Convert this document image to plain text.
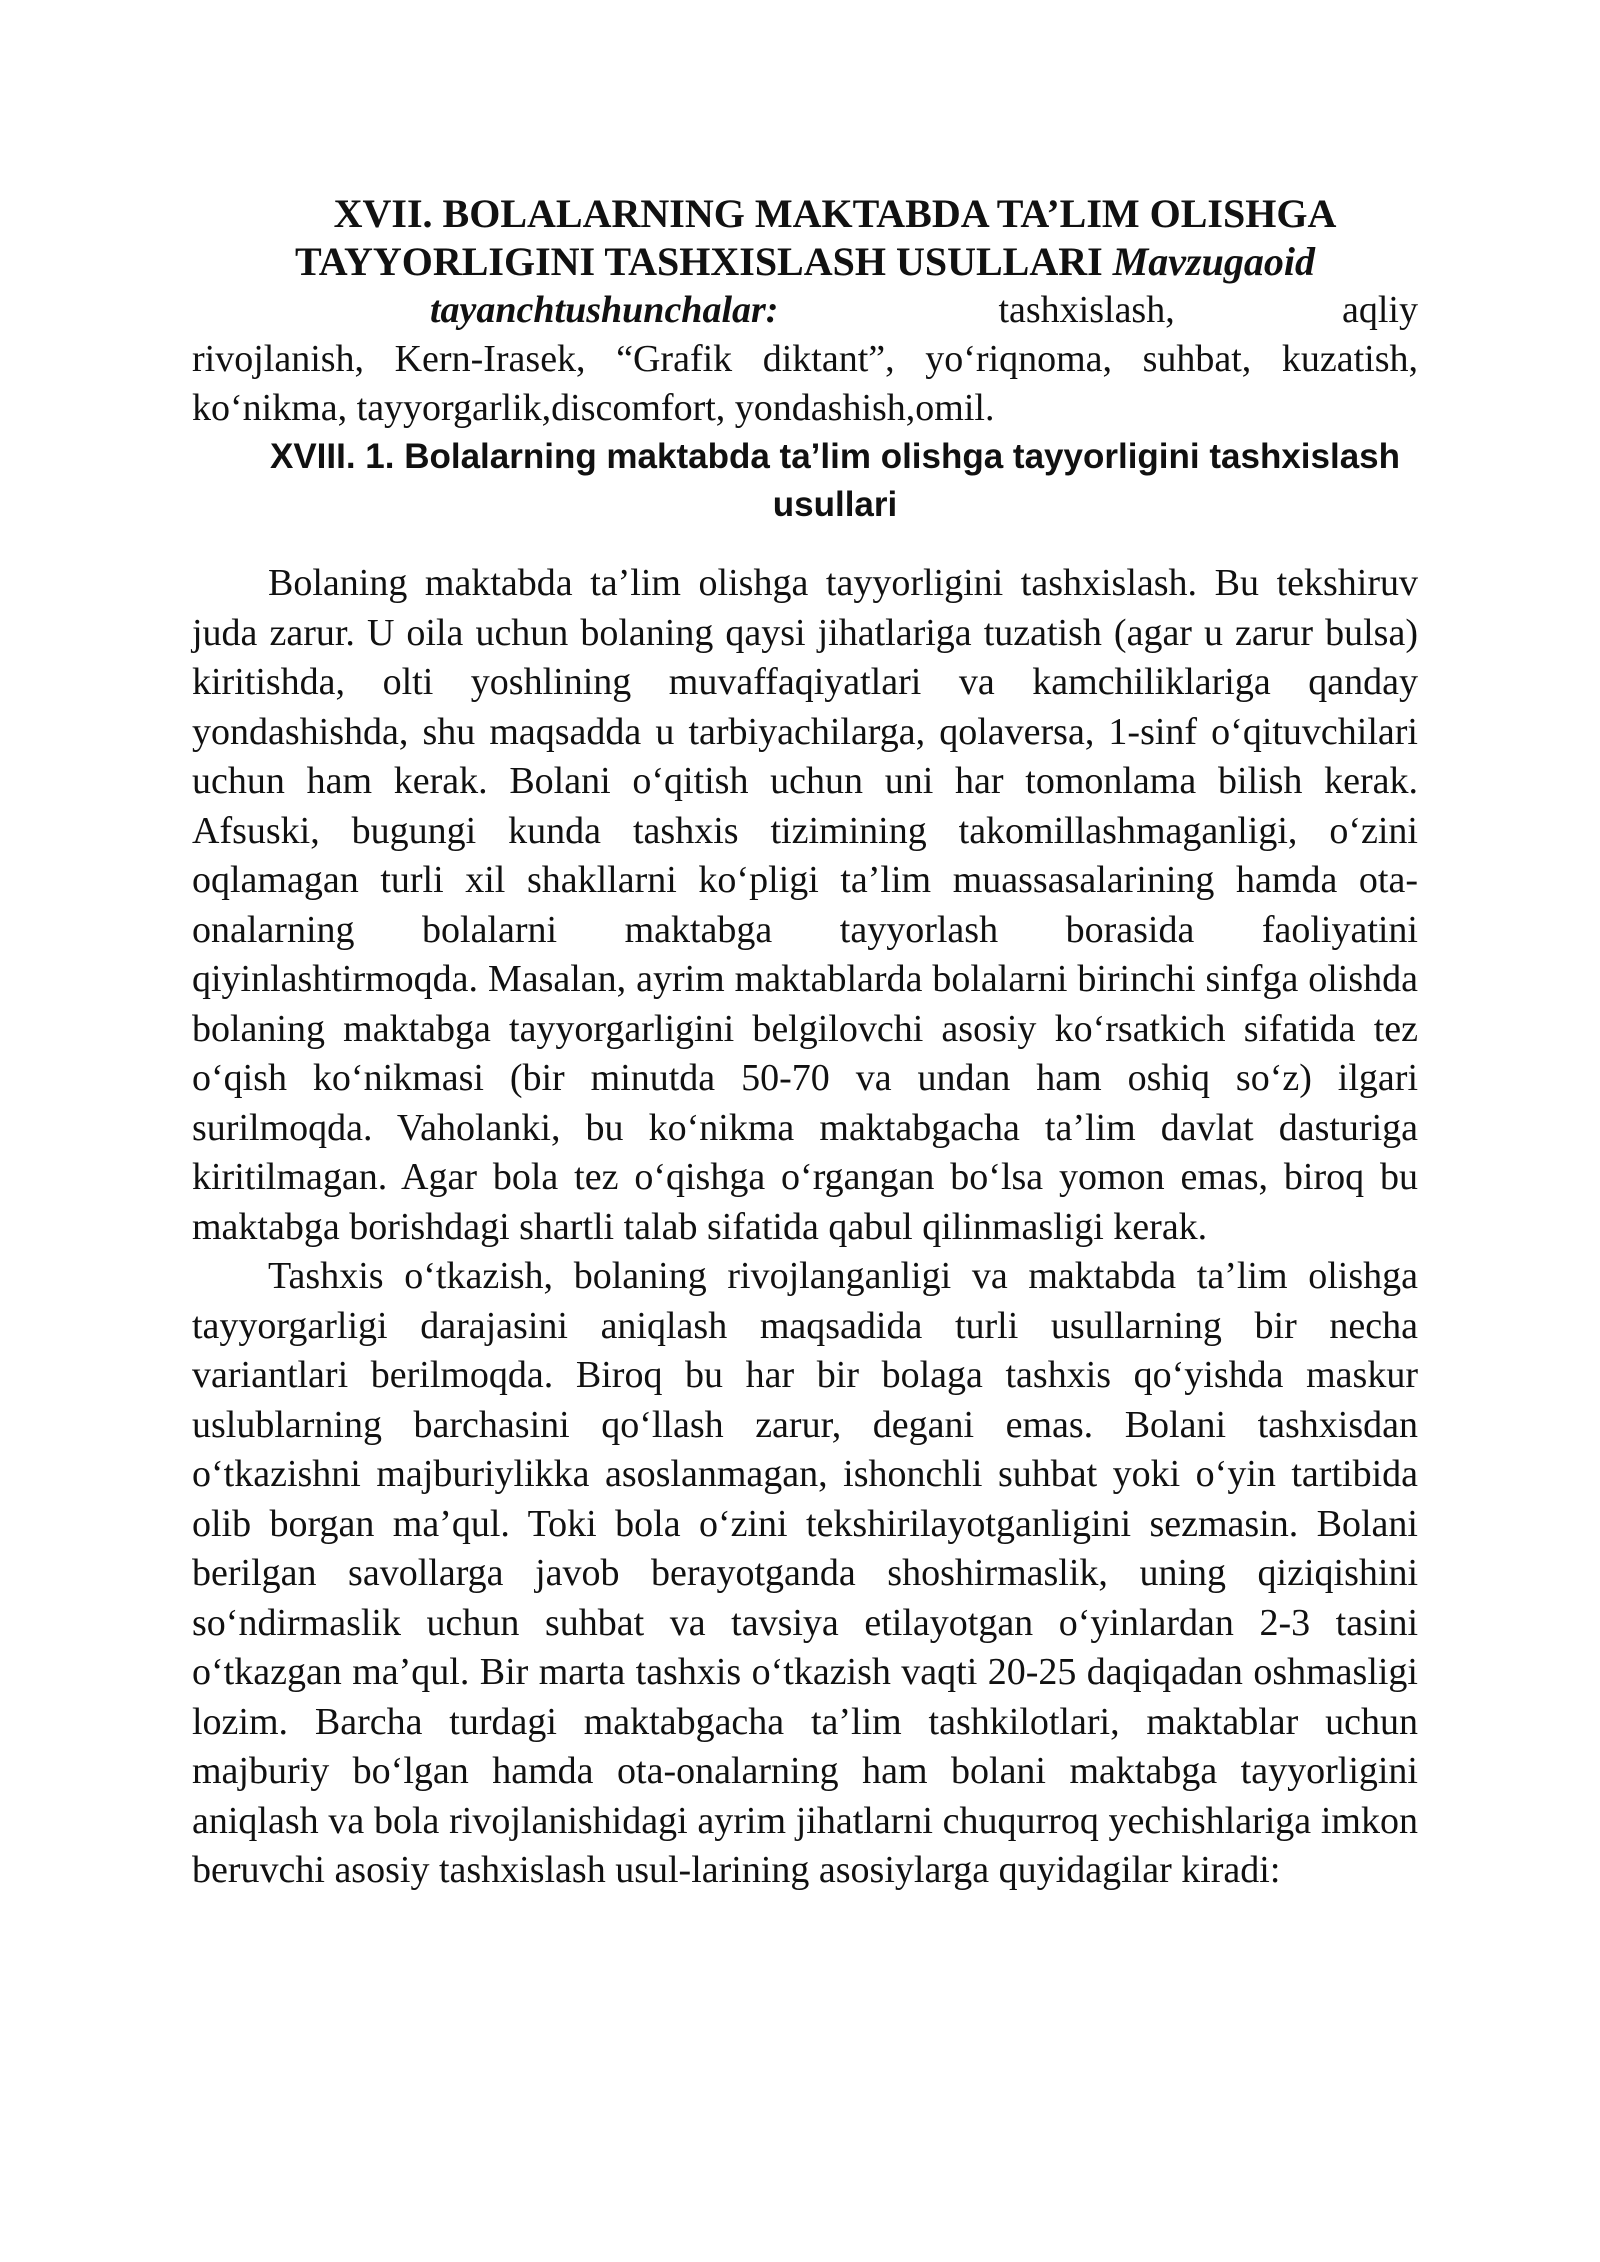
XVII. BOLALARNING MAKTABDA TA’LIM OLISHGA
TAYYORLIGINI TASHXISLASH USULLARI Mavzugaoid

tayanchtushunchalar:	tashxislash, aqliy
rivojlanish, Kern-Irasek, “Grafik diktant”, yo‘riqnoma, suhbat, kuzatish, ko‘nikma, tayyorgarlik,discomfort, yondashish,omil.

XVIII. 1. Bolalarning maktabda ta’lim olishga tayyorligini tashxislash usullari

Bolaning maktabda ta’lim olishga tayyorligini tashxislash. Bu tekshiruv juda zarur. U oila uchun bolaning qaysi jihatlariga tuzatish (agar u zarur bulsa) kiritishda, olti yoshlining muvaffaqiyatlari va kamchiliklariga qanday yondashishda, shu maqsadda u tarbiyachilarga, qolaversa, 1-sinf o‘qituvchilari uchun ham kerak. Bolani o‘qitish uchun uni har tomonlama bilish kerak. Afsuski, bugungi kunda tashxis tizimining takomillashmaganligi, o‘zini oqlamagan turli xil shakllarni ko‘pligi ta’lim muassasalarining hamda ota-onalarning bolalarni maktabga tayyorlash borasida faoliyatini qiyinlashtirmoqda. Masalan, ayrim maktablarda bolalarni birinchi sinfga olishda bolaning maktabga tayyorgarligini belgilovchi asosiy ko‘rsatkich sifatida tez o‘qish ko‘nikmasi (bir minutda 50-70 va undan ham oshiq so‘z) ilgari surilmoqda. Vaholanki, bu ko‘nikma maktabgacha ta’lim davlat dasturiga kiritilmagan. Agar bola tez o‘qishga o‘rgangan bo‘lsa yomon emas, biroq bu maktabga borishdagi shartli talab sifatida qabul qilinmasligi kerak.

Tashxis o‘tkazish, bolaning rivojlanganligi va maktabda ta’lim olishga tayyorgarligi darajasini aniqlash maqsadida turli usullarning bir necha variantlari berilmoqda. Biroq bu har bir bolaga tashxis qo‘yishda maskur uslublarning barchasini qo‘llash zarur, degani emas. Bolani tashxisdan o‘tkazishni majburiylikka asoslanmagan, ishonchli suhbat yoki o‘yin tartibida olib borgan ma’qul. Toki bola o‘zini tekshirilayotganligini sezmasin. Bolani berilgan savollarga javob berayotganda shoshirmaslik, uning qiziqishini so‘ndirmaslik uchun suhbat va tavsiya etilayotgan o‘yinlardan 2-3 tasini o‘tkazgan ma’qul. Bir marta tashxis o‘tkazish vaqti 20-25 daqiqadan oshmasligi lozim. Barcha turdagi maktabgacha ta’lim tashkilotlari, maktablar uchun majburiy bo‘lgan hamda ota-onalarning ham bolani maktabga tayyorligini aniqlash va bola rivojlanishidagi ayrim jihatlarni chuqurroq yechishlariga imkon beruvchi asosiy tashxislash usul-larining asosiylarga quyidagilar kiradi:
